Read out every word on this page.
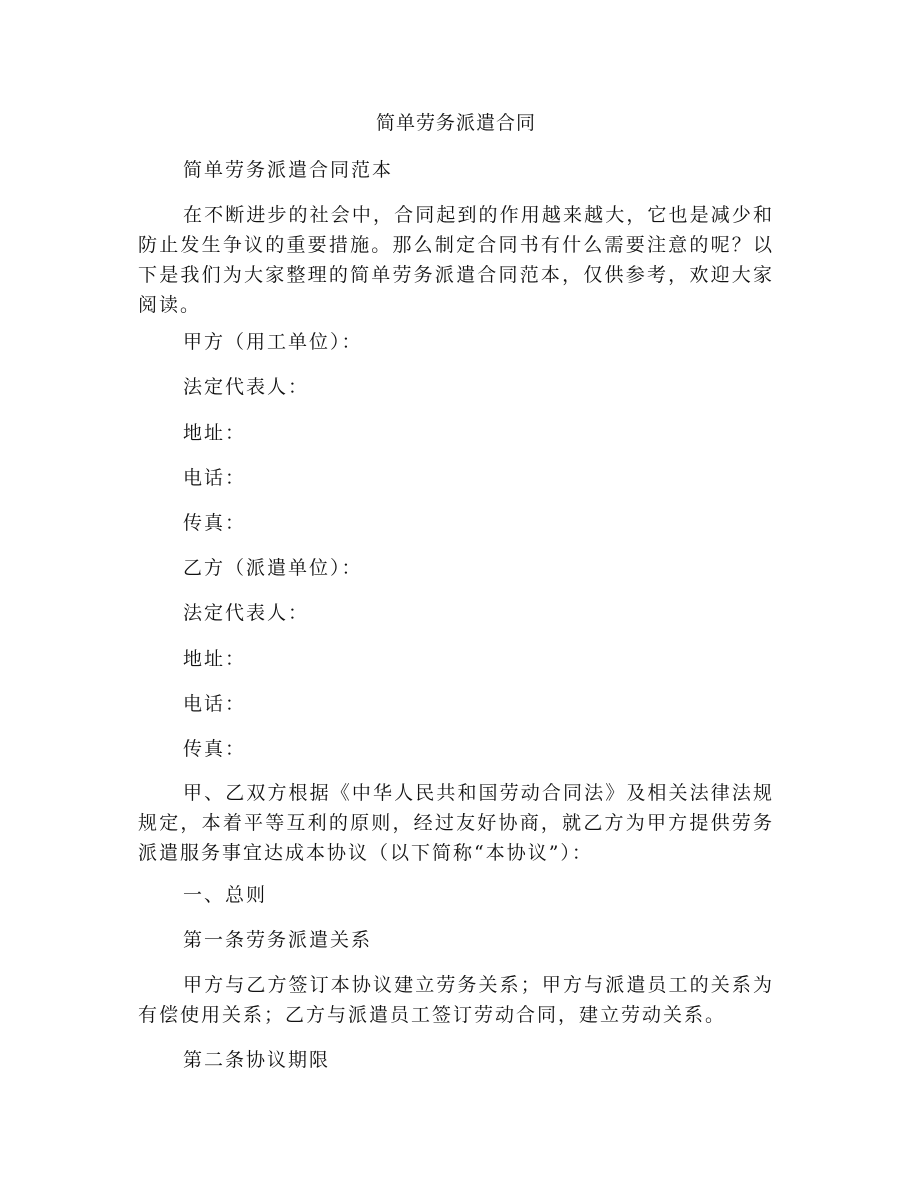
简单劳务派遣合同

简单劳务派遣合同范本

在不断进步的社会中，合同起到的作用越来越大，它也是减少和防止发生争议的重要措施。那么制定合同书有什么需要注意的呢？以下是我们为大家整理的简单劳务派遣合同范本，仅供参考，欢迎大家阅读。

甲方（用工单位）：

法定代表人：

地址：

电话：

传真：

乙方（派遣单位）：

法定代表人：

地址：

电话：

传真：

甲、乙双方根据《中华人民共和国劳动合同法》及相关法律法规规定，本着平等互利的原则，经过友好协商，就乙方为甲方提供劳务派遣服务事宜达成本协议（以下简称“本协议”）：

一、总则

第一条劳务派遣关系

甲方与乙方签订本协议建立劳务关系；甲方与派遣员工的关系为有偿使用关系；乙方与派遣员工签订劳动合同，建立劳动关系。

第二条协议期限
